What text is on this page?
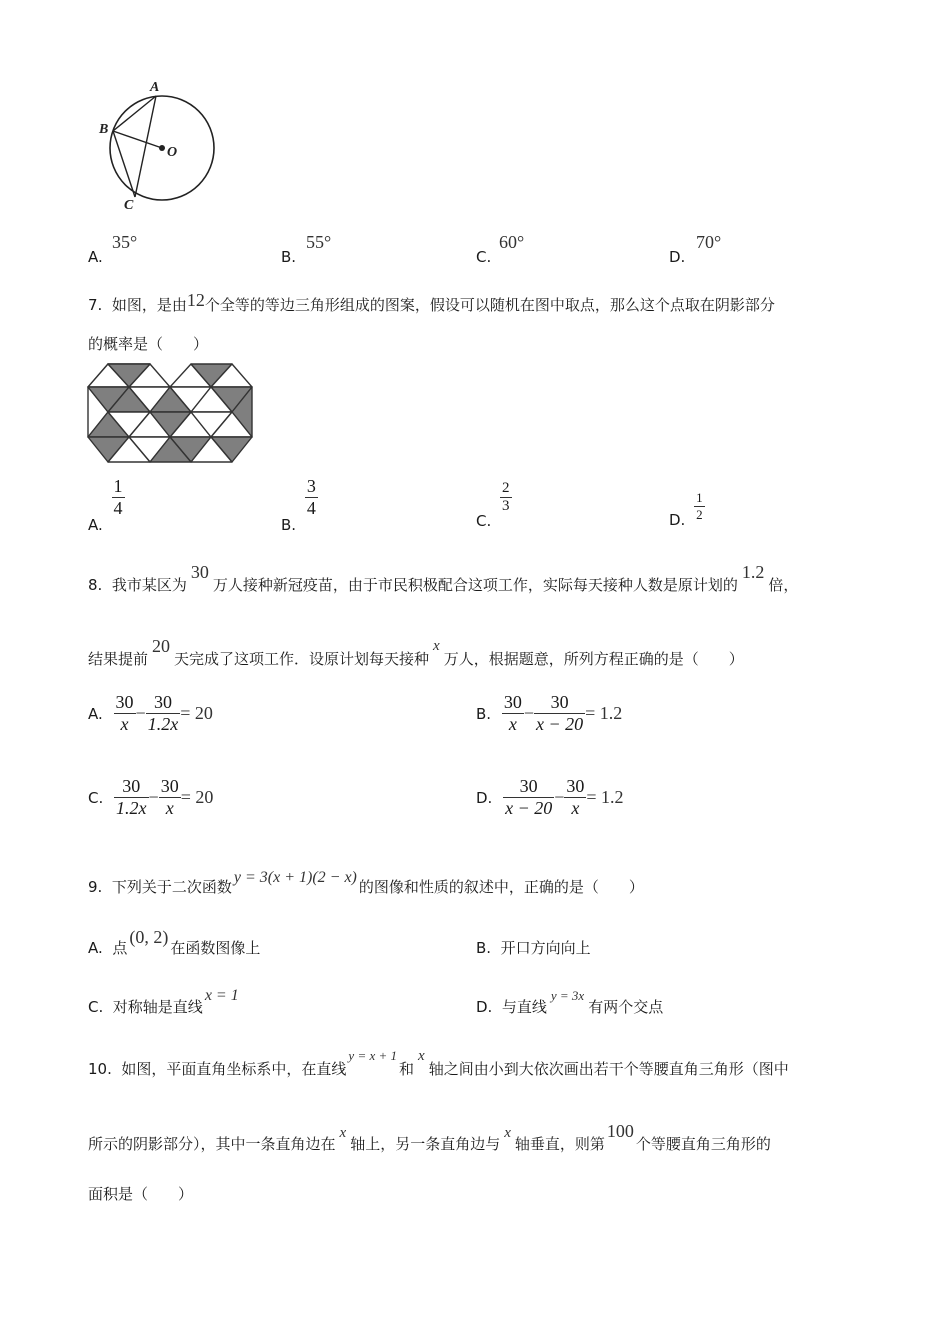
A
B
C
O
A.
35°
B.
55°
C.
60°
D.
70°
7. 如图，是由12个全等的等边三角形组成的图案，假设可以随机在图中取点，那么这个点取在阴影部分
的概率是（　　）
A.
$\frac{1}{4}$
B.
$\frac{3}{4}$
C.
$\frac{2}{3}$
D. $\frac{1}{2}$
8. 我市某区为30万人接种新冠疫苗，由于市民积极配合这项工作，实际每天接种人数是原计划的1.2倍，
结果提前20天完成了这项工作．设原计划每天接种x万人，根据题意，所列方程正确的是（　　）
A. $\frac{30}{x} - \frac{30}{1.2x} = 20$	B. $\frac{30}{x} - \frac{30}{x - 20} = 1.2$
C. $\frac{30}{1.2x} - \frac{30}{x} = 20$	D. $\frac{30}{x - 20} - \frac{30}{x} = 1.2$
9. 下列关于二次函数y = 3(x + 1)(2 − x)的图像和性质的叙述中，正确的是（　　）
A. 点(0, 2)在函数图像上	B. 开口方向向上
C. 对称轴是直线x = 1
D. 与直线y = 3x有两个交点
10. 如图，平面直角坐标系中，在直线y = x + 1和x轴之间由小到大依次画出若干个等腰直角三角形（图中
所示的阴影部分），其中一条直角边在x轴上，另一条直角边与x轴垂直，则第100个等腰直角三角形的
面积是（　　）
